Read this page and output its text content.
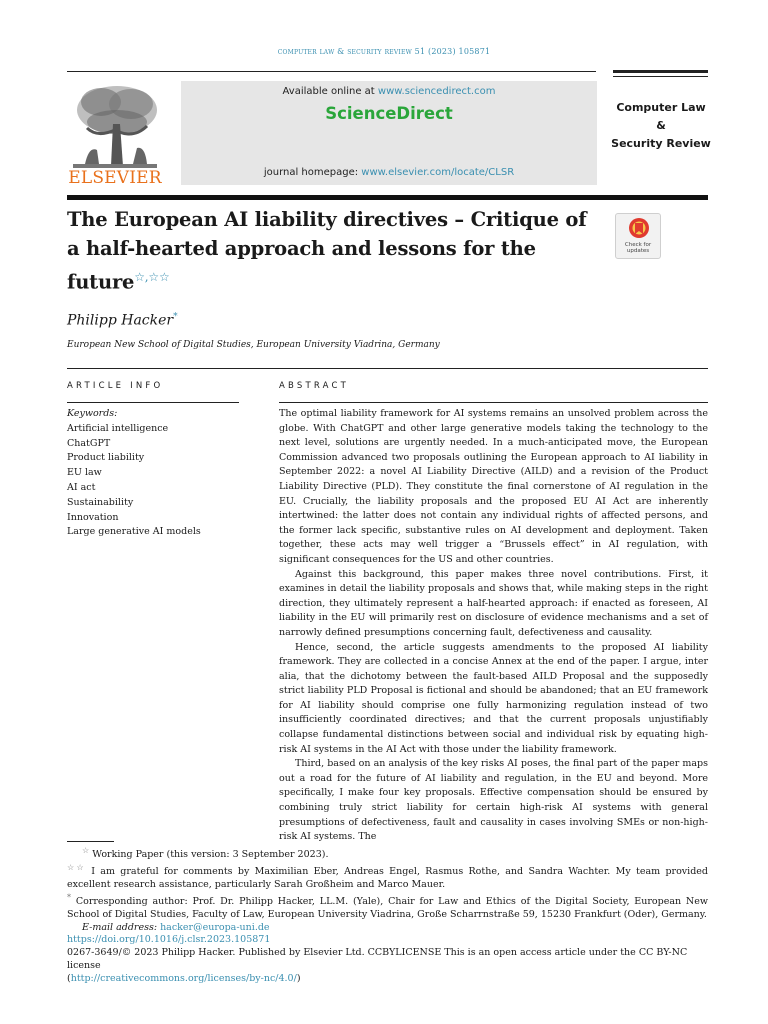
computer law & security review 51 (2023) 105871
ELSEVIER
Available online at www.sciencedirect.com
ScienceDirect
journal homepage: www.elsevier.com/locate/CLSR
Computer Law
&
Security Review
The European AI liability directives – Critique of a half-hearted approach and lessons for the future☆,☆☆
Check for
updates
Philipp Hacker*
European New School of Digital Studies, European University Viadrina, Germany
ARTICLE INFO	ABSTRACT
Keywords:
Artificial intelligence
ChatGPT
Product liability
EU law
AI act
Sustainability
Innovation
Large generative AI models

The optimal liability framework for AI systems remains an unsolved problem across the globe. With ChatGPT and other large generative models taking the technology to the next level, solutions are urgently needed. In a much-anticipated move, the European Commission advanced two proposals outlining the European approach to AI liability in September 2022: a novel AI Liability Directive (AILD) and a revision of the Product Liability Directive (PLD). They constitute the final cornerstone of AI regulation in the EU. Crucially, the liability proposals and the proposed EU AI Act are inherently intertwined: the latter does not contain any individual rights of affected persons, and the former lack specific, substantive rules on AI development and deployment. Taken together, these acts may well trigger a “Brussels effect” in AI regulation, with significant consequences for the US and other countries.

Against this background, this paper makes three novel contributions. First, it examines in detail the liability proposals and shows that, while making steps in the right direction, they ultimately represent a half-hearted approach: if enacted as foreseen, AI liability in the EU will primarily rest on disclosure of evidence mechanisms and a set of narrowly defined presumptions concerning fault, defectiveness and causality.

Hence, second, the article suggests amendments to the proposed AI liability framework. They are collected in a concise Annex at the end of the paper. I argue, inter alia, that the dichotomy between the fault-based AILD Proposal and the supposedly strict liability PLD Proposal is fictional and should be abandoned; that an EU framework for AI liability should comprise one fully harmonizing regulation instead of two insufficiently coordinated directives; and that the current proposals unjustifiably collapse fundamental distinctions between social and individual risk by equating high-risk AI systems in the AI Act with those under the liability framework.

Third, based on an analysis of the key risks AI poses, the final part of the paper maps out a road for the future of AI liability and regulation, in the EU and beyond. More specifically, I make four key proposals. Effective compensation should be ensured by combining truly strict liability for certain high-risk AI systems with general presumptions of defectiveness, fault and causality in cases involving SMEs or non-high-risk AI systems. The

☆ Working Paper (this version: 3 September 2023).

☆☆ I am grateful for comments by Maximilian Eber, Andreas Engel, Rasmus Rothe, and Sandra Wachter. My team provided excellent research assistance, particularly Sarah Großheim and Marco Mauer.

* Corresponding author: Prof. Dr. Philipp Hacker, LL.M. (Yale), Chair for Law and Ethics of the Digital Society, European New School of Digital Studies, Faculty of Law, European University Viadrina, Große Scharrnstraße 59, 15230 Frankfurt (Oder), Germany.

E-mail address: hacker@europa-uni.de

https://doi.org/10.1016/j.clsr.2023.105871
0267-3649/© 2023 Philipp Hacker. Published by Elsevier Ltd. CCBYLICENSE This is an open access article under the CC BY-NC license
(http://creativecommons.org/licenses/by-nc/4.0/)
